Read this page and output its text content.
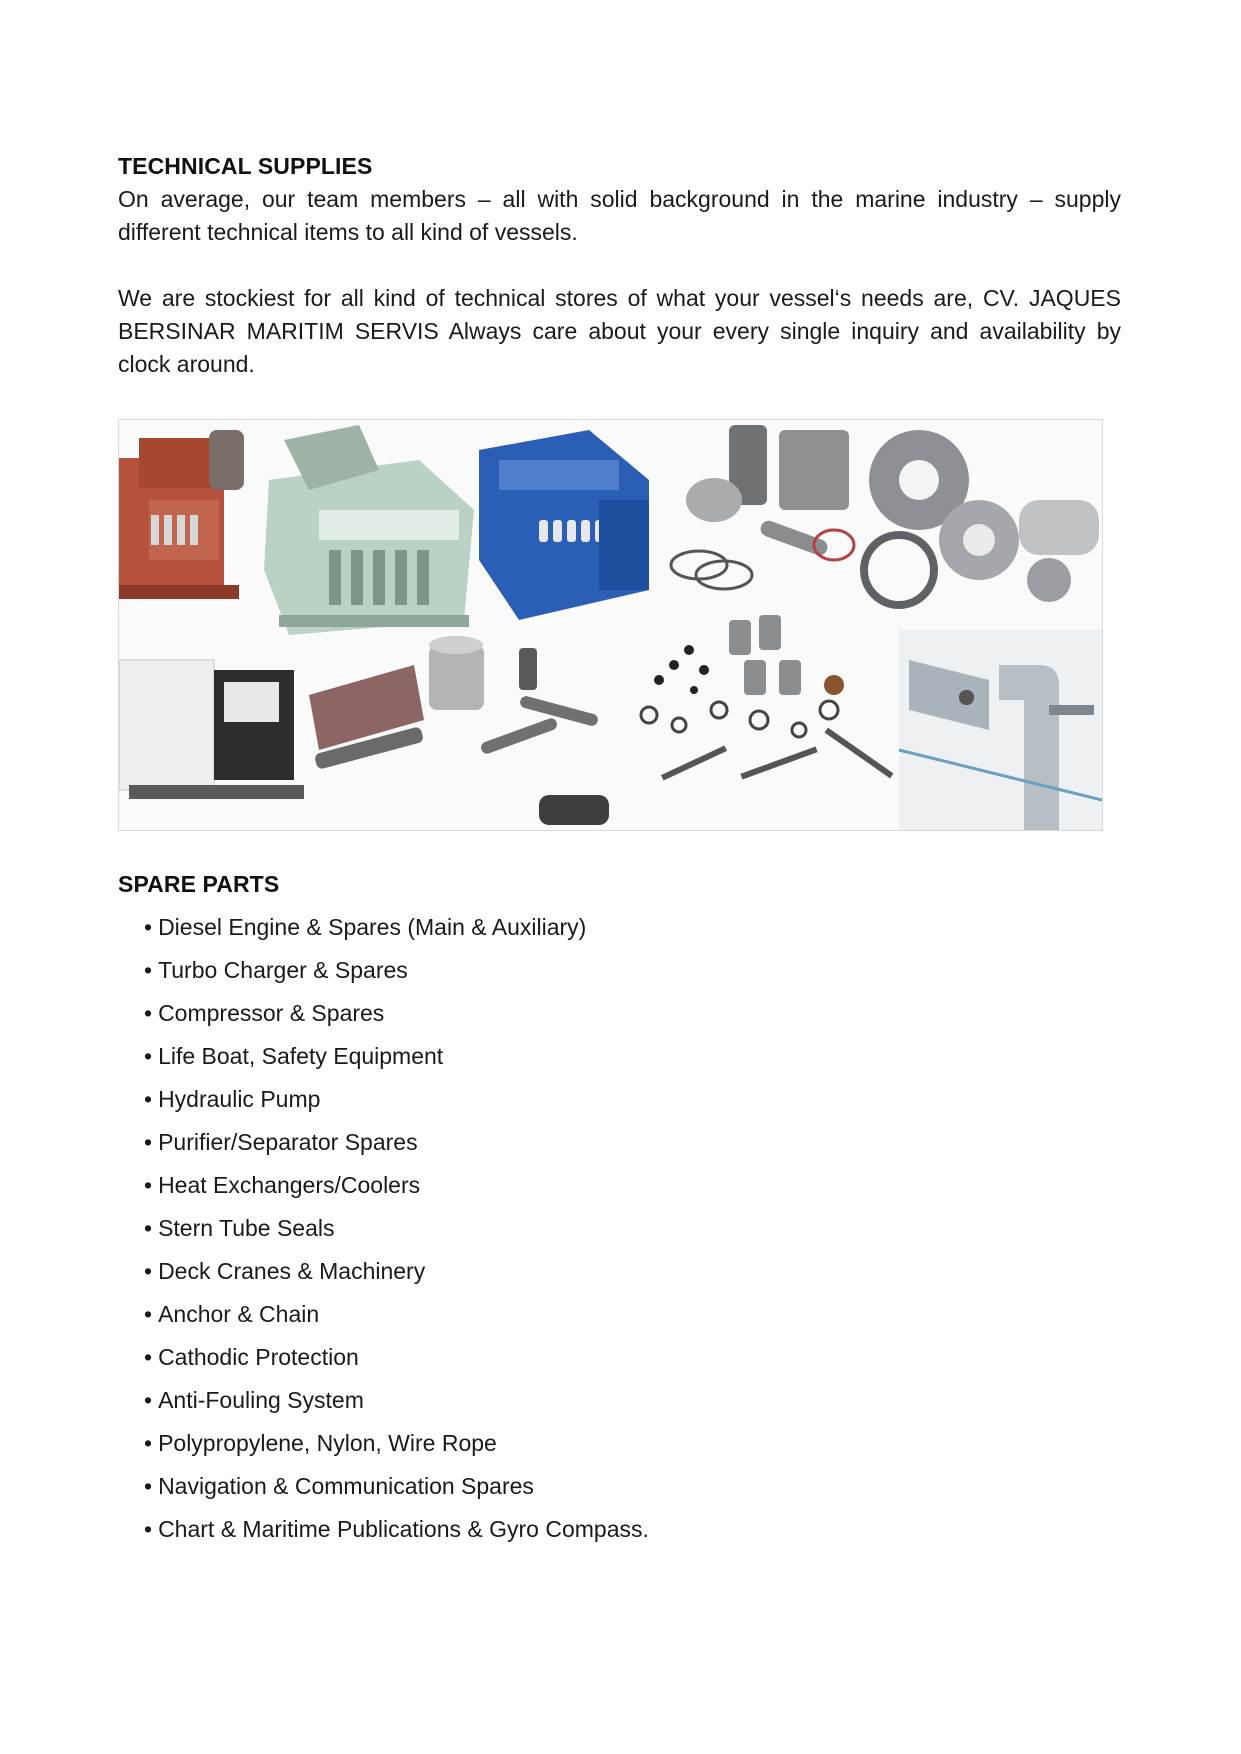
TECHNICAL SUPPLIES
On average, our team members – all with solid background in the marine industry – supply different technical items to all kind of vessels.
We are stockiest for all kind of technical stores of what your vessel‘s needs are, CV. JAQUES BERSINAR MARITIM SERVIS Always care about your every single inquiry and availability by clock around.
SPARE PARTS
• Diesel Engine & Spares (Main & Auxiliary)
• Turbo Charger & Spares
• Compressor & Spares
• Life Boat, Safety Equipment
• Hydraulic Pump
• Purifier/Separator Spares
• Heat Exchangers/Coolers
• Stern Tube Seals
• Deck Cranes & Machinery
• Anchor & Chain
• Cathodic Protection
• Anti-Fouling System
• Polypropylene, Nylon, Wire Rope
• Navigation & Communication Spares
• Chart & Maritime Publications & Gyro Compass.
